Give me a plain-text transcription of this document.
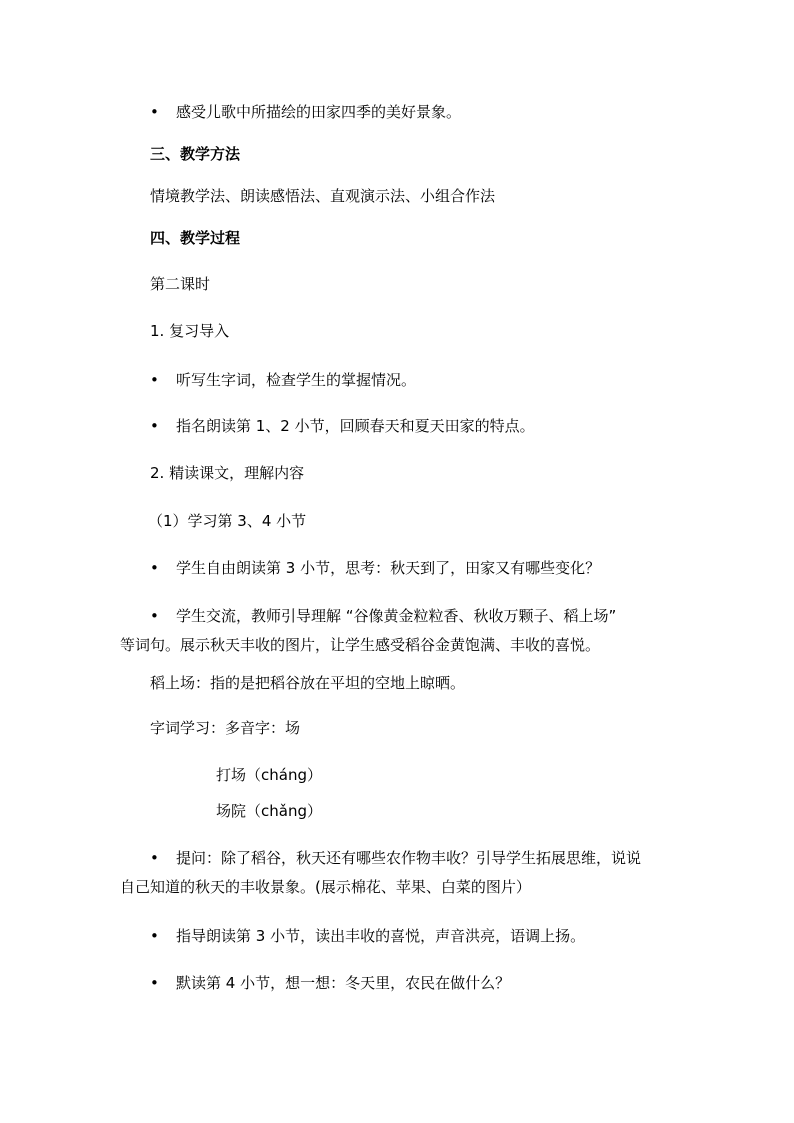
• 感受儿歌中所描绘的田家四季的美好景象。
三、教学方法
情境教学法、朗读感悟法、直观演示法、小组合作法
四、教学过程
第二课时
1. 复习导入
• 听写生字词，检查学生的掌握情况。
• 指名朗读第 1、2 小节，回顾春天和夏天田家的特点。
2. 精读课文，理解内容
（1）学习第 3、4 小节
• 学生自由朗读第 3 小节，思考：秋天到了，田家又有哪些变化？
• 学生交流，教师引导理解 “谷像黄金粒粒香、秋收万颗子、稻上场”
等词句。展示秋天丰收的图片，让学生感受稻谷金黄饱满、丰收的喜悦。
稻上场：指的是把稻谷放在平坦的空地上晾晒。
字词学习：多音字：场
打场（cháng）
场院（chǎng）
• 提问：除了稻谷，秋天还有哪些农作物丰收？引导学生拓展思维，说说
自己知道的秋天的丰收景象。(展示棉花、苹果、白菜的图片）
• 指导朗读第 3 小节，读出丰收的喜悦，声音洪亮，语调上扬。
• 默读第 4 小节，想一想：冬天里，农民在做什么？
